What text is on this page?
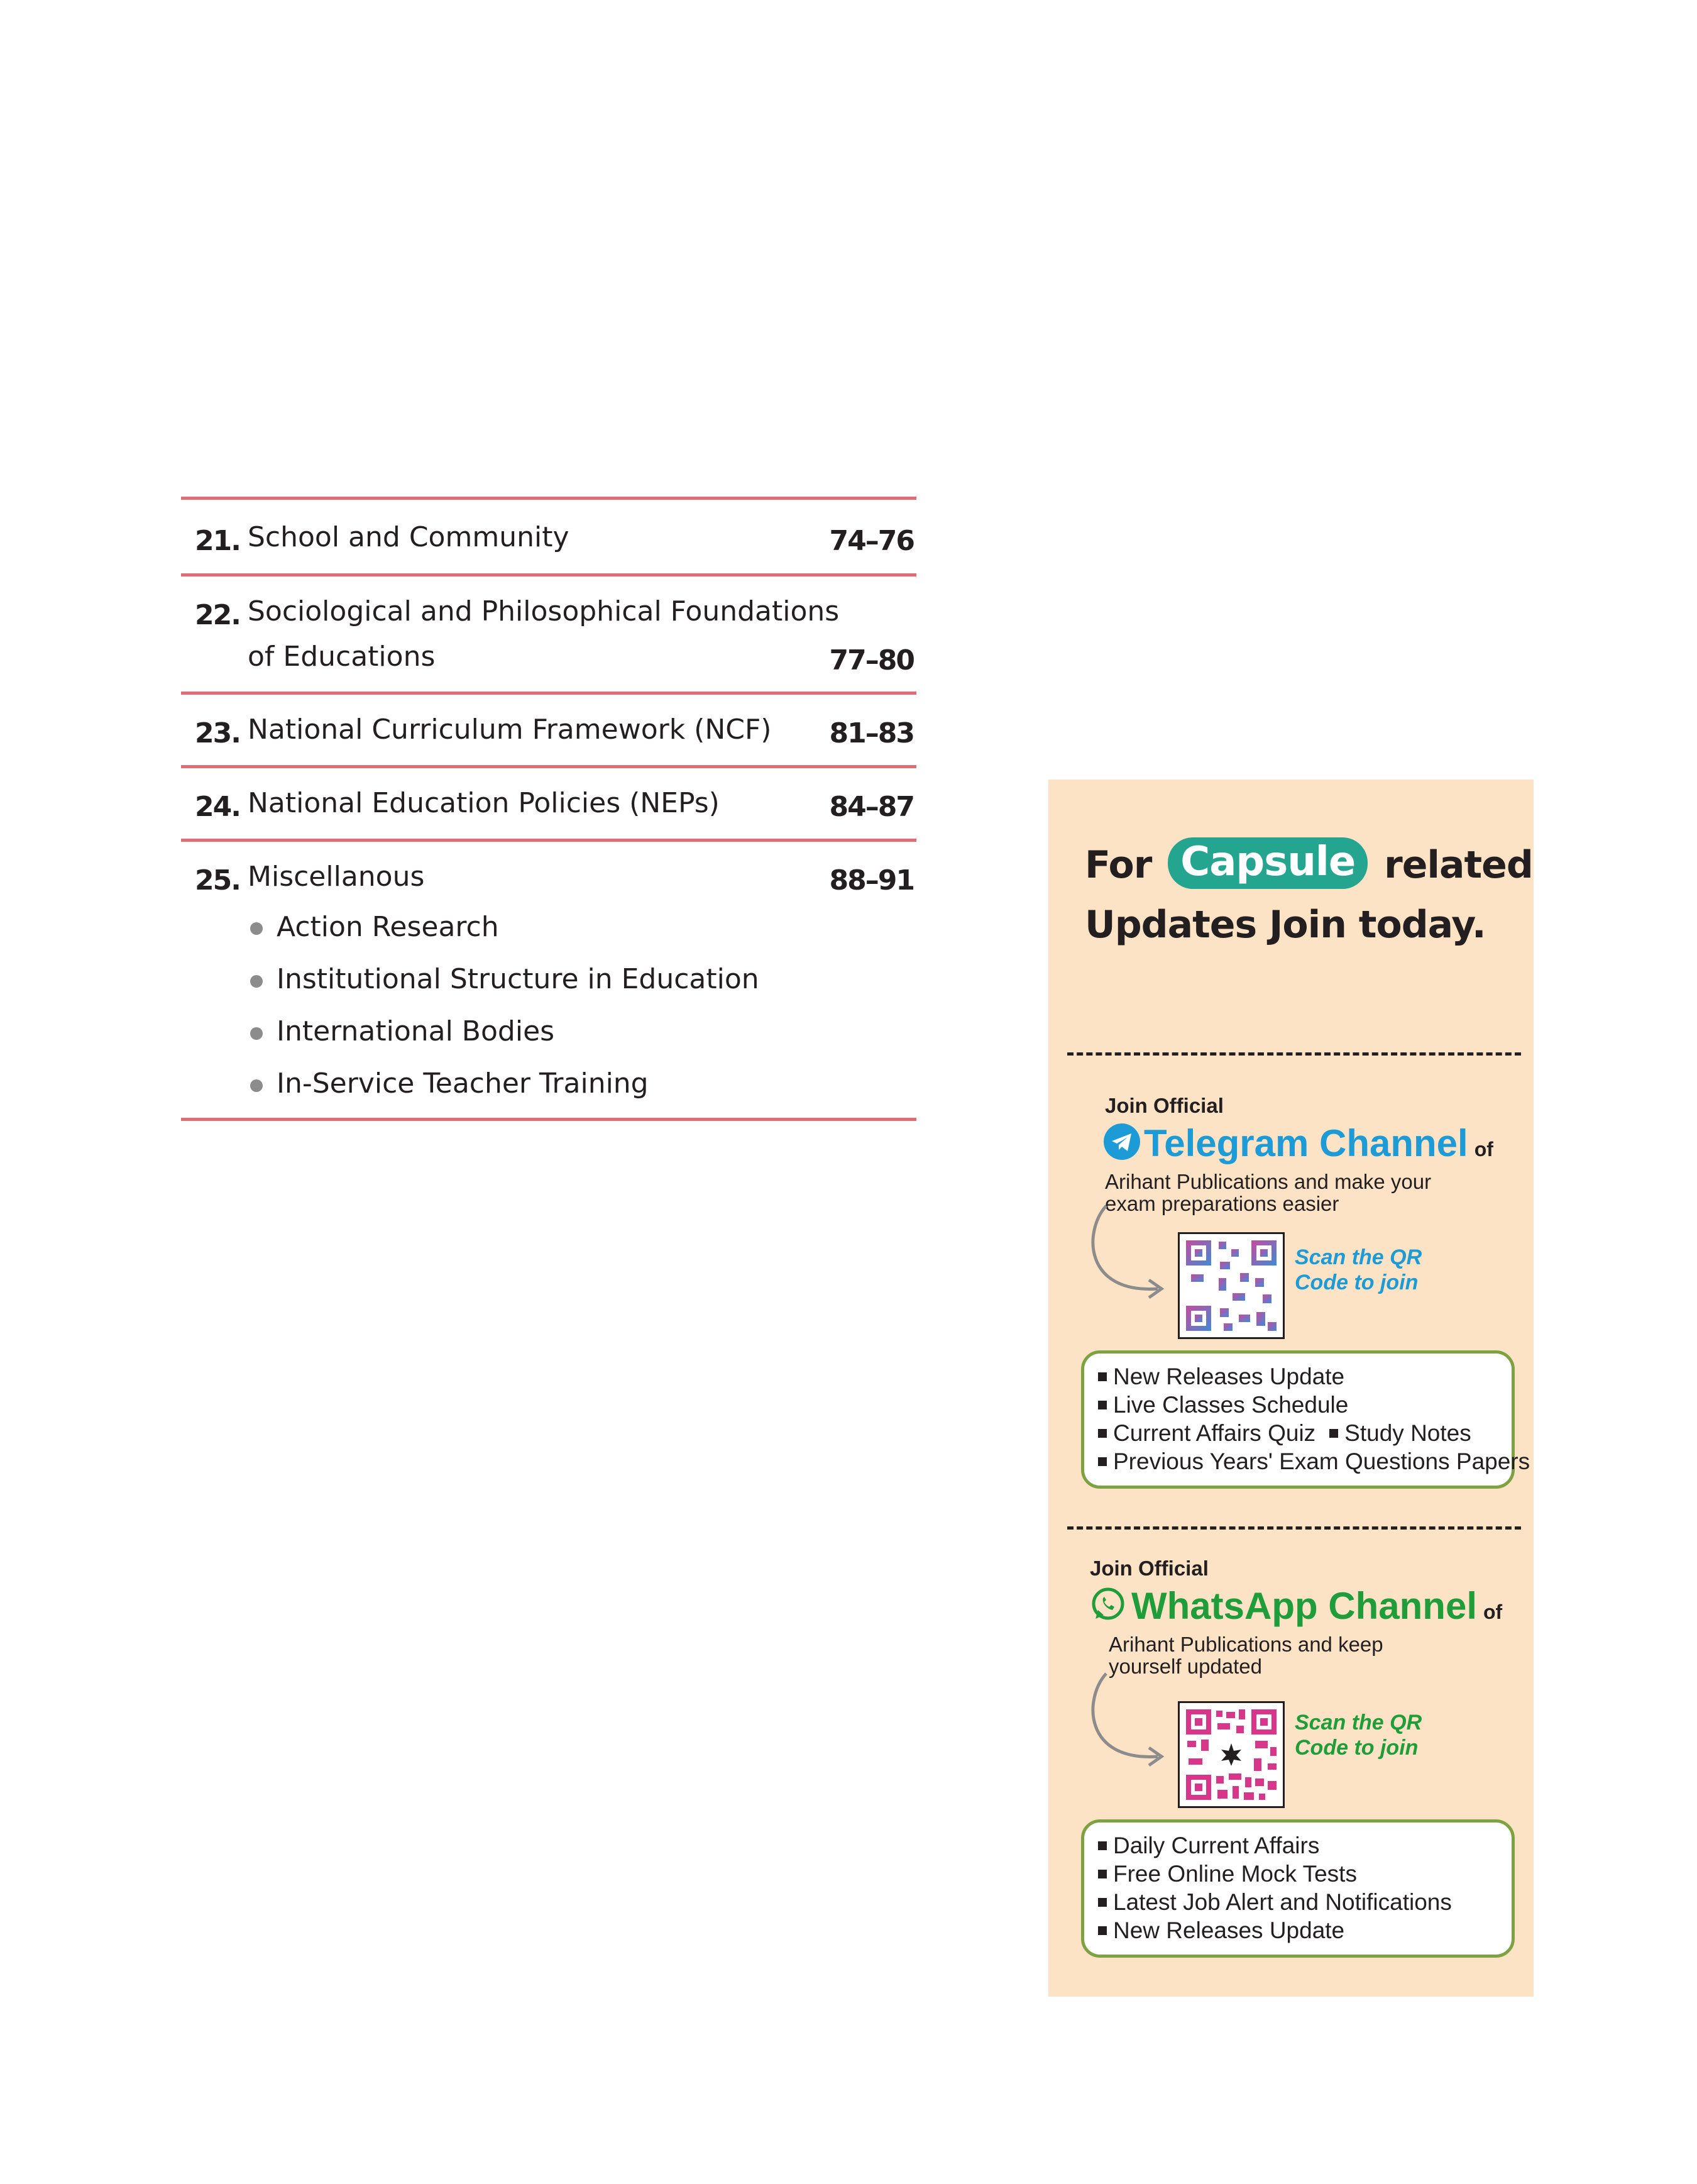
21. School and Community	74–76
22. Sociological and Philosophical Foundations
of Educations	77–80
23. National Curriculum Framework (NCF) 81–83
24. National Education Policies (NEPs)	84–87
25. Miscellanous	88–91
Action Research
Institutional Structure in Education
International Bodies
In-Service Teacher Training
For Capsule related
Updates Join today.
Join Official
Telegram Channel of
Arihant Publications and make your
exam preparations easier
Scan the QR
Code to join
New Releases Update
Live Classes Schedule
Current Affairs Quiz Study Notes
Previous Years' Exam Questions Papers
Join Official
WhatsApp Channel of
Arihant Publications and keep
yourself updated
Scan the QR
Code to join
Daily Current Affairs
Free Online Mock Tests
Latest Job Alert and Notifications
New Releases Update
